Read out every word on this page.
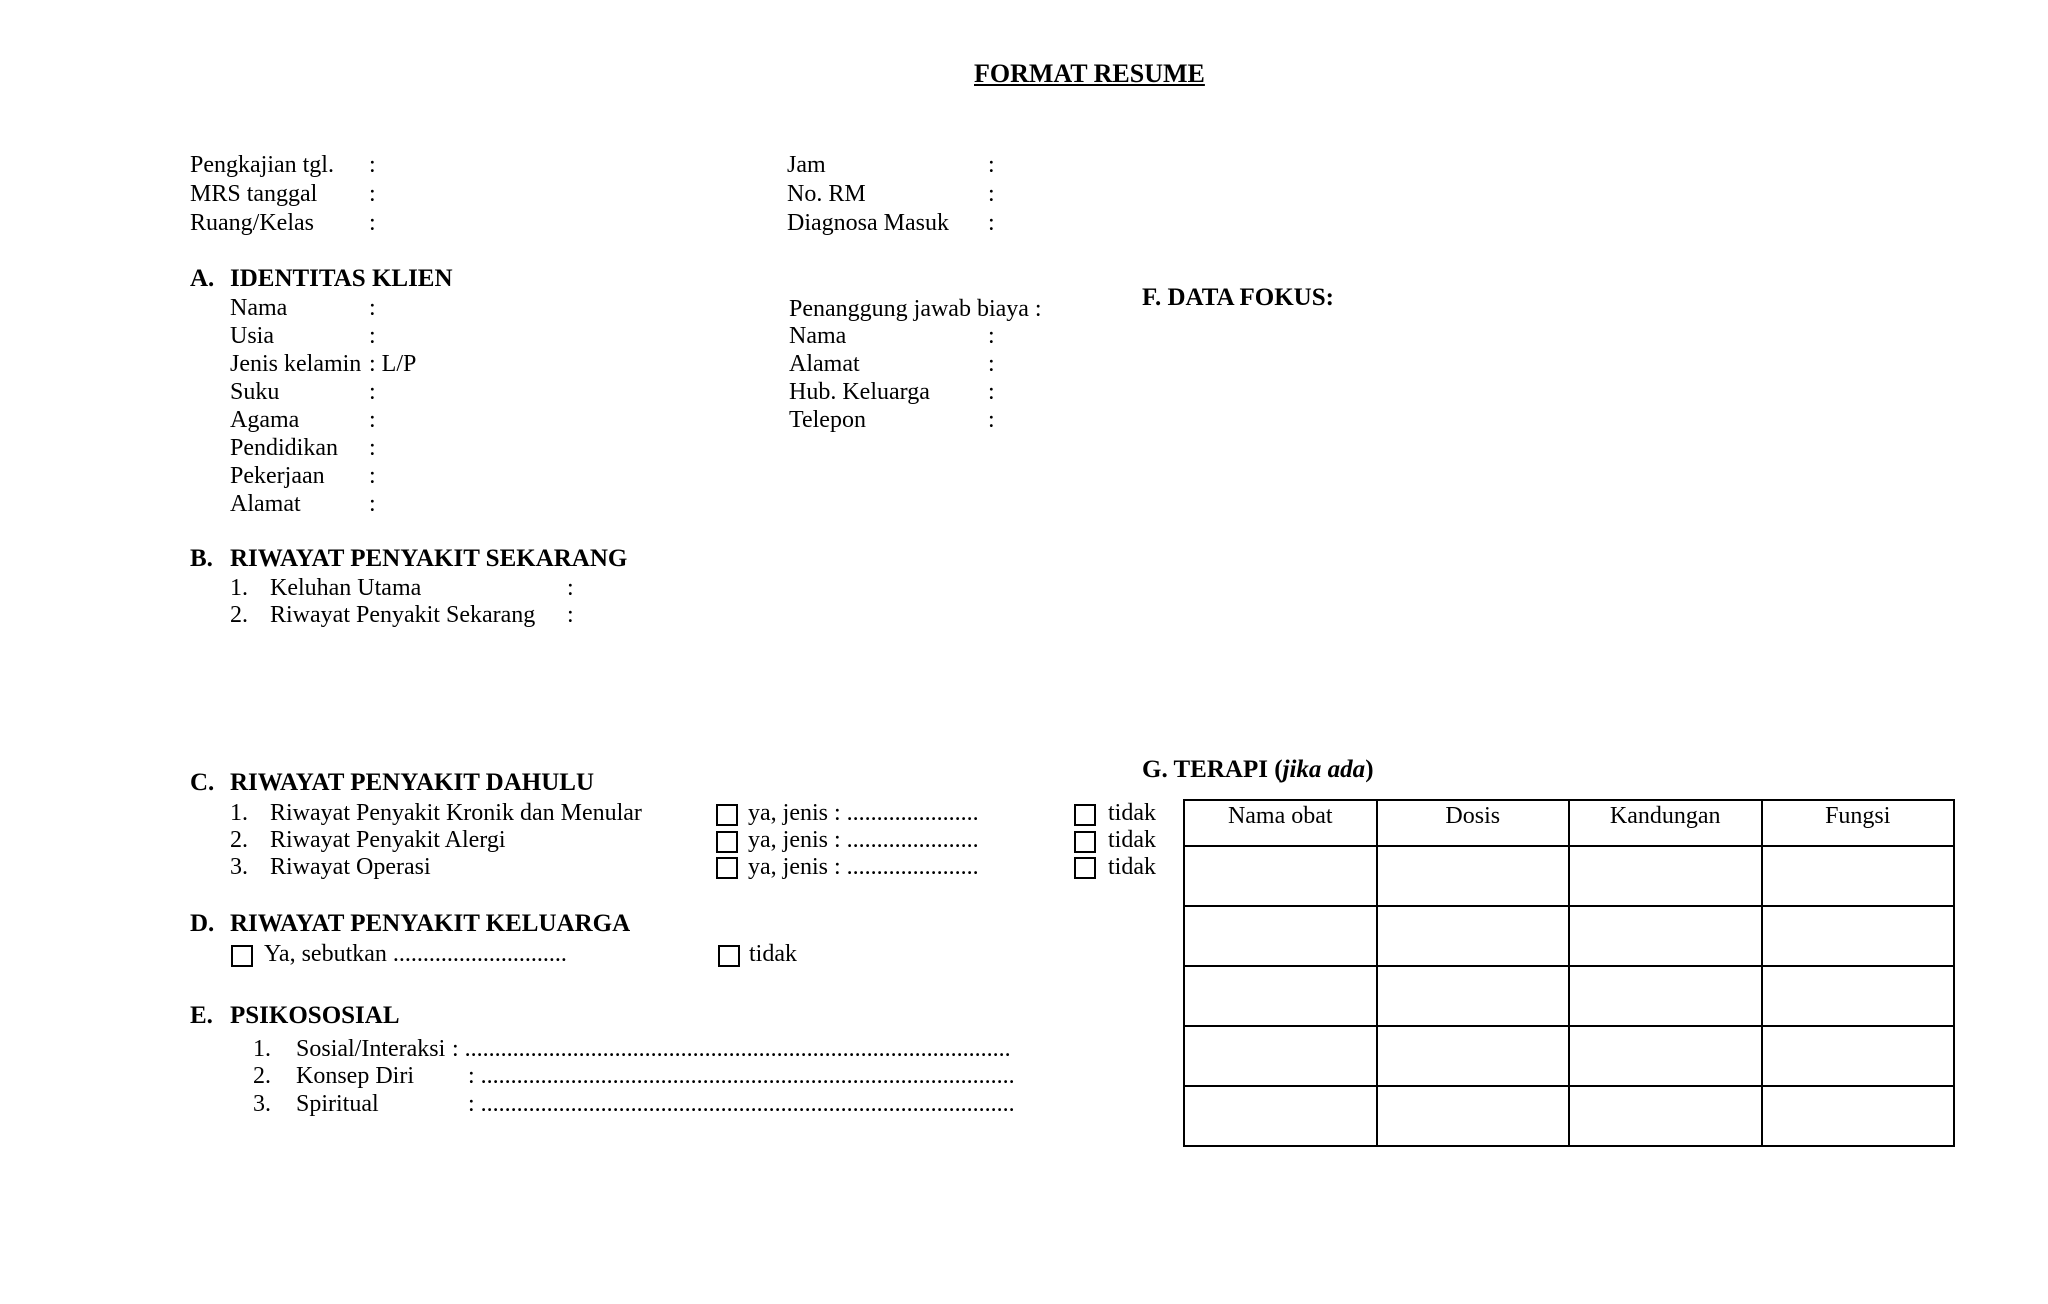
FORMAT RESUME
Pengkajian tgl. :
MRS tanggal :
Ruang/Kelas :
Jam	:
No. RM	:
Diagnosa Masuk :
A. IDENTITAS KLIEN
Nama	:
Usia	:
Jenis kelamin : L/P
Suku	:
Agama	:
Pendidikan :
Pekerjaan :
Alamat	:
Penanggung jawab biaya :
Nama	:
Alamat	:
Hub. Keluarga :
Telepon	:
F. DATA FOKUS:
B. RIWAYAT PENYAKIT SEKARANG
1. Keluhan Utama	:
2. Riwayat Penyakit Sekarang :
G. TERAPI (jika ada)
C. RIWAYAT PENYAKIT DAHULU
1. Riwayat Penyakit Kronik dan Menular	ya, jenis : ......................	tidak
2. Riwayat Penyakit Alergi	ya, jenis : ......................	tidak
3. Riwayat Operasi	ya, jenis : ......................	tidak
D. RIWAYAT PENYAKIT KELUARGA
Ya, sebutkan .............................	tidak
E. PSIKOSOSIAL
1. Sosial/Interaksi : ...........................................................................................
2. Konsep Diri : .........................................................................................
3. Spiritual	: .........................................................................................
Nama obat	Dosis	Kandungan	Fungsi
